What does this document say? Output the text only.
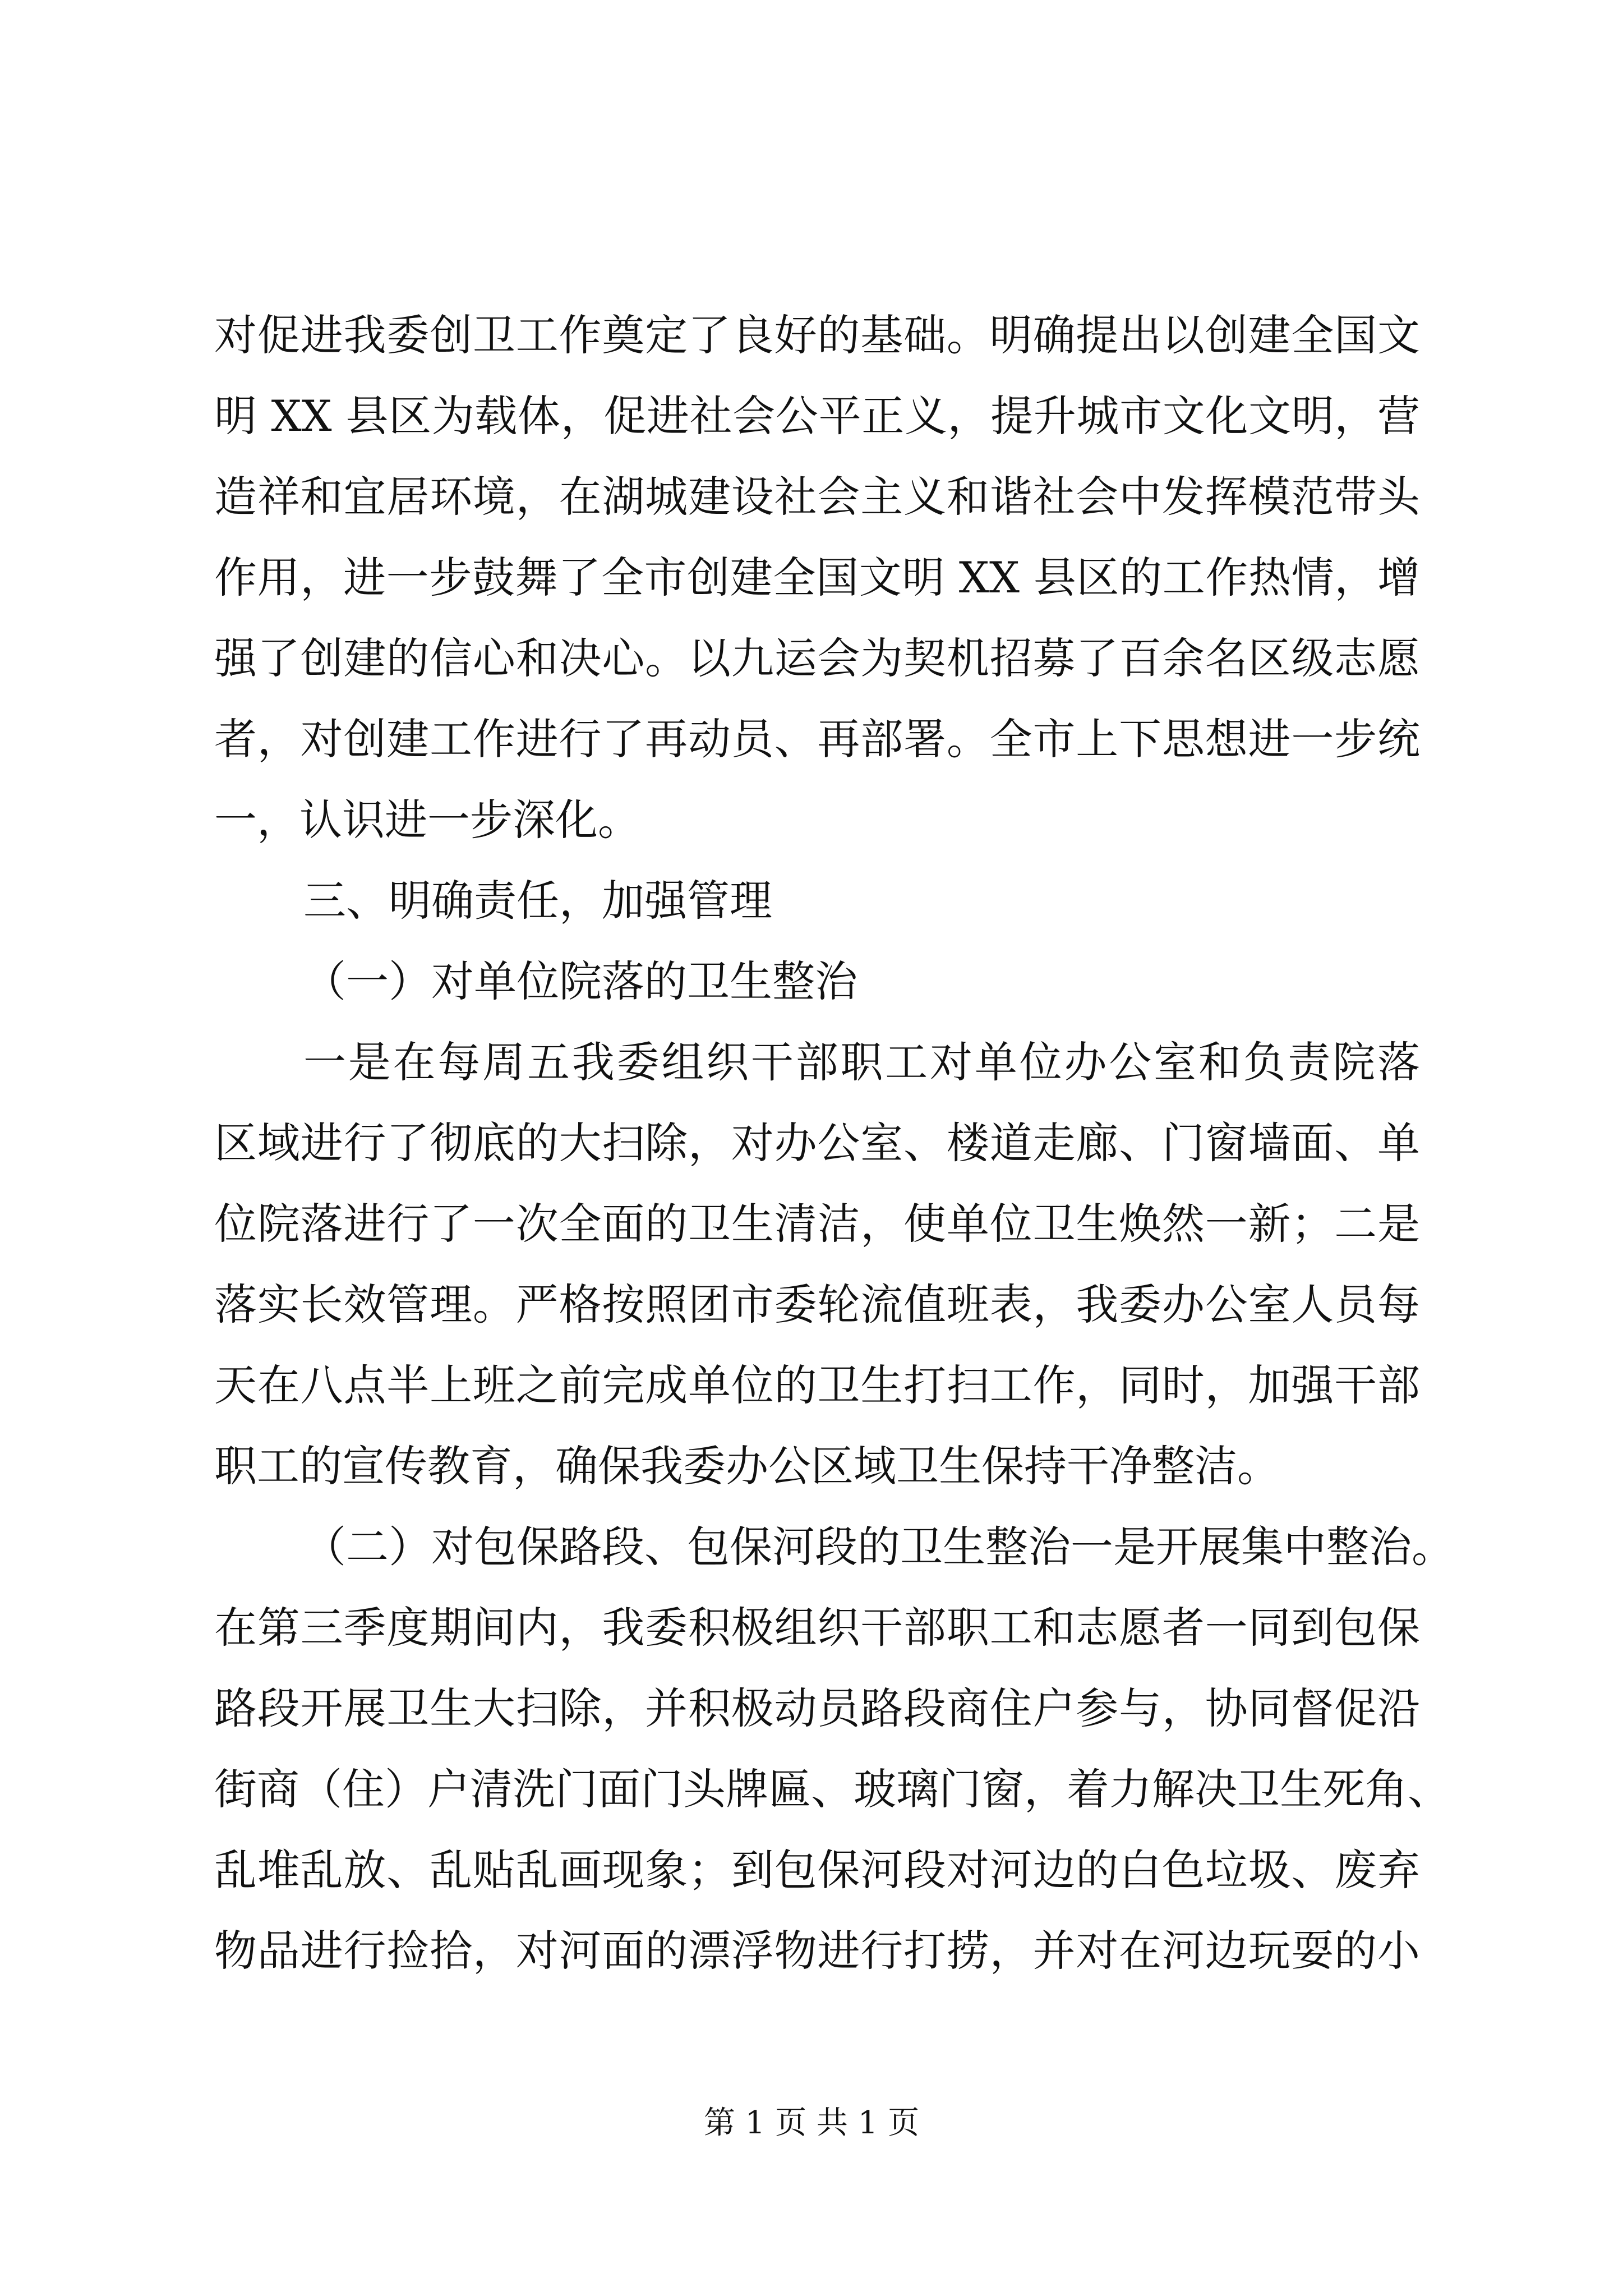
对促进我委创卫工作奠定了良好的基础。明确提出以创建全国文
明 XX 县区为载体，促进社会公平正义，提升城市文化文明，营
造祥和宜居环境，在湖城建设社会主义和谐社会中发挥模范带头
作用，进一步鼓舞了全市创建全国文明 XX 县区的工作热情，增
强了创建的信心和决心。以九运会为契机招募了百余名区级志愿
者，对创建工作进行了再动员、再部署。全市上下思想进一步统
一，认识进一步深化。
三、明确责任，加强管理
（一）对单位院落的卫生整治
一是在每周五我委组织干部职工对单位办公室和负责院落
区域进行了彻底的大扫除，对办公室、楼道走廊、门窗墙面、单
位院落进行了一次全面的卫生清洁，使单位卫生焕然一新；二是
落实长效管理。严格按照团市委轮流值班表，我委办公室人员每
天在八点半上班之前完成单位的卫生打扫工作，同时，加强干部
职工的宣传教育，确保我委办公区域卫生保持干净整洁。
（二）对包保路段、包保河段的卫生整治一是开展集中整治。
在第三季度期间内，我委积极组织干部职工和志愿者一同到包保
路段开展卫生大扫除，并积极动员路段商住户参与，协同督促沿
街商（住）户清洗门面门头牌匾、玻璃门窗，着力解决卫生死角、
乱堆乱放、乱贴乱画现象；到包保河段对河边的白色垃圾、废弃
物品进行捡拾，对河面的漂浮物进行打捞，并对在河边玩耍的小
第 1 页 共 1 页
